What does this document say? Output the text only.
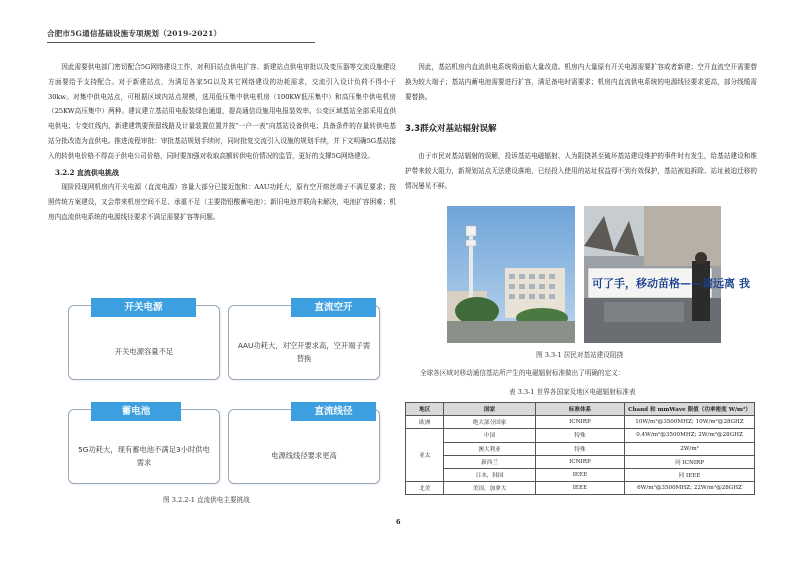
合肥市5G通信基础设施专项规划（2019-2021）

因此需要供电部门密切配合5G网络建设工作，对利旧站点供电扩容、新建站点供电审批以及变压器等交流设施建设方面要给予支持配合。对于新建站点，为满足各家5G以及其它网络建设的功耗需求，交流引入设计负荷不得小于 30kw。对集中供电站点，可根据区域内站点规模，选用低压集中供电机房（100KW低压集中）和高压集中供电机房（25KW高压集中）两种。建议建立基站用电报装绿色通道，提高通信设施用电报装效率。公变区域基站全部采用直供电供电；专变红线内，新建建筑要预留线路及计量装置位置并按“一户一表”向基站设备供电；具备条件的存量转供电基站分批改造为直供电。推进流程审批：审批基站规划手续时，同时批复交流引入设施的规划手续，并下文明确5G基站接入的转供电价格不得高于供电公司价格，同时要加强对收取高额转供电价情况的监管，更好的支撑5G网络建设。

3.2.2 直流供电挑战

现阶段现网机房内开关电源（直流电源）容量大部分已接近饱和：AAU功耗大，原有空开熔丝端子不满足要求；按照传统方案建设，又会带来机房空间不足、承重不足（主要指铅酸蓄电池）；新旧电池并联尚未解决，电池扩容困难；机房内直流供电系统的电源线径要求不满足需要扩容等问题。

开关电源
开关电源容量不足
直流空开
AAU功耗大，对空开要求高，空开端子需替换
蓄电池
5G功耗大，现有蓄电池不满足3小时供电需求
直流线径
电源线线径要求更高
图 3.2.2-1 直流供电主要挑战

因此，基站机房内直流供电系统将面临大量改造。机房内大量原有开关电源需要扩容或者新建；空开直流空开需要替换为较大端子；基站内蓄电池需要进行扩容，满足备电时需要求；机房内直流供电系统的电源线径要求更高，部分线缆需要替换。

3.3群众对基站辐射误解

由于市民对基站辐射的误解，投诉基站电磁辐射、人为阻挠甚至破坏基站建设维护的事件时有发生，给基站建设和维护带来较大阻力，新规划站点无法建设落地，已经投入使用的站址权益得不到有效保护，基站被迫拆除、站址被迫迁移的情况屡见不鲜。

可了手，移动苗格——请远离 我
图 3.3-1 居民对基站建设阻挠
全球各区域对移动通信基站所产生的电磁辐射标准做出了明确的定义：
表 3.3-1 世界各国家及地区电磁辐射标准表
地区	国家	标准体系	Cband 和 mmWave 限值（功率密度 W/m²）
欧洲	绝大部分国家	ICNIRP	10W/m²@3500MHZ; 10W/m²@28GHZ
亚太	中国	特殊	0.4W/m²@3500MHZ; 2W/m²@28GHZ
	澳大利亚	特殊	2W/m²
	新西兰	ICNIRP	同 ICNIRP
	日本，韩国	IEEE	同 IEEE
北美	美国，加拿大	IEEE	6W/m²@3500MHZ; 22W/m²@28GHZ
6
